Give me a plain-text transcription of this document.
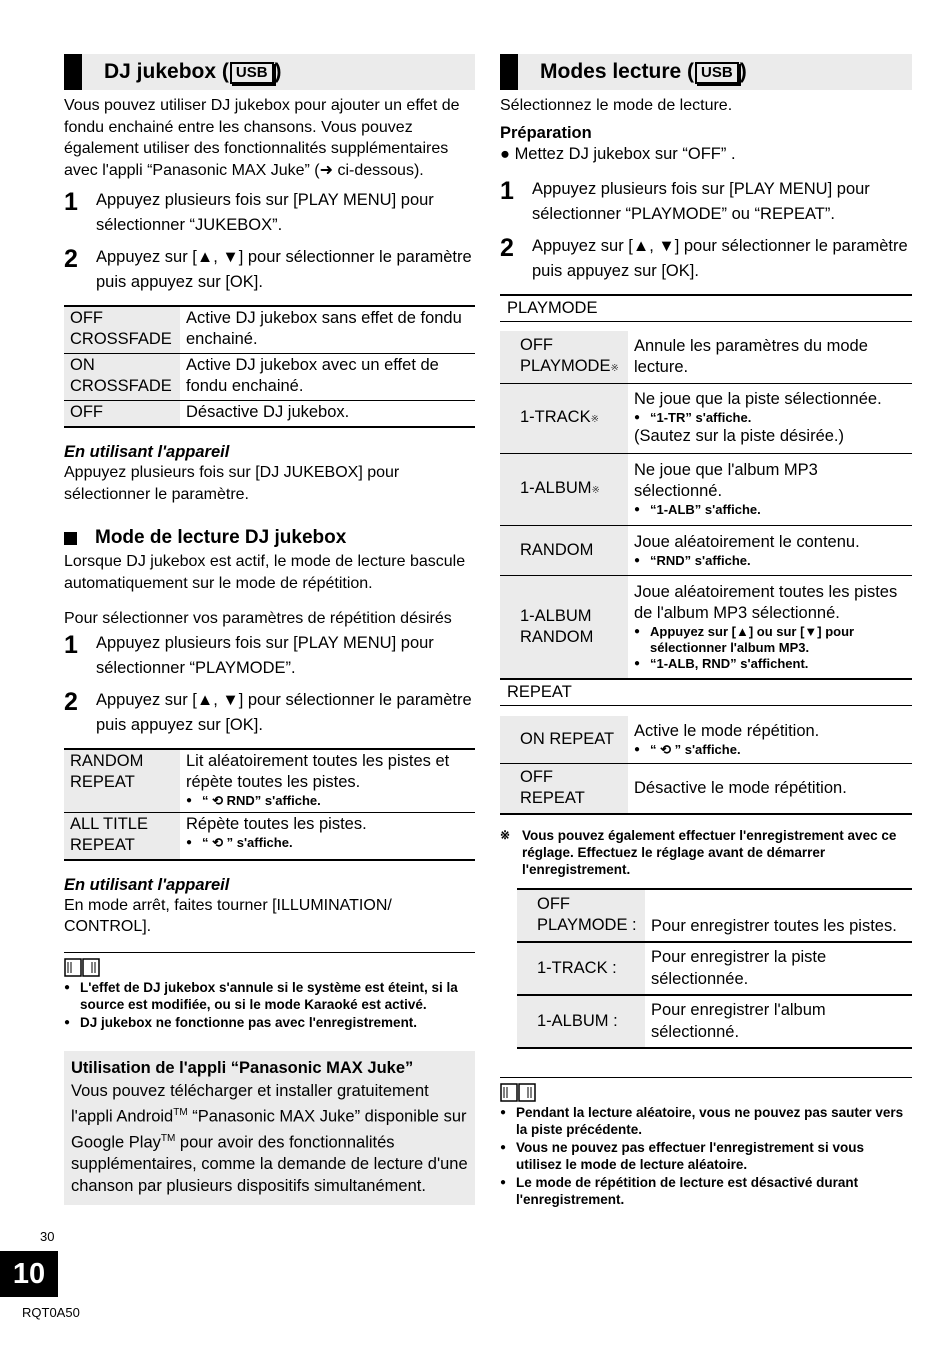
DJ jukebox ( USB )

Vous pouvez utiliser DJ jukebox pour ajouter un effet de fondu enchainé entre les chansons. Vous pouvez également utiliser des fonctionnalités supplémentaires avec l'appli “Panasonic MAX Juke” (➜ ci-dessous).

1	Appuyez plusieurs fois sur [PLAY MENU] pour sélectionner “JUKEBOX”.
2	Appuyez sur [▲, ▼] pour sélectionner le paramètre puis appuyez sur [OK].
OFF CROSSFADE	Active DJ jukebox sans effet de fondu enchainé.
ON CROSSFADE	Active DJ jukebox avec un effet de fondu enchainé.
OFF	Désactive DJ jukebox.
En utilisant l'appareil

Appuyez plusieurs fois sur [DJ JUKEBOX] pour sélectionner le paramètre.

Mode de lecture DJ jukebox

Lorsque DJ jukebox est actif, le mode de lecture bascule automatiquement sur le mode de répétition.

Pour sélectionner vos paramètres de répétition désirés

1	Appuyez plusieurs fois sur [PLAY MENU] pour sélectionner “PLAYMODE”.
2	Appuyez sur [▲, ▼] pour sélectionner le paramètre puis appuyez sur [OK].
RANDOM REPEAT	Lit aléatoirement toutes les pistes et répète toutes les pistes.
● “ ⟲ RND” s'affiche.

ALL TITLE REPEAT	Répète toutes les pistes.
● “ ⟲ ” s'affiche.
En utilisant l'appareil

En mode arrêt, faites tourner [ILLUMINATION/ CONTROL].

● L'effet de DJ jukebox s'annule si le système est éteint, si la source est modifiée, ou si le mode Karaoké est activé.
● DJ jukebox ne fonctionne pas avec l'enregistrement.
Utilisation de l'appli “Panasonic MAX Juke”
Vous pouvez télécharger et installer gratuitement l'appli Android™ “Panasonic MAX Juke” disponible sur Google Play™ pour avoir des fonctionnalités supplémentaires, comme la demande de lecture d'une chanson par plusieurs dispositifs simultanément.
Modes lecture ( USB )

Sélectionnez le mode de lecture.

Préparation

● Mettez DJ jukebox sur “OFF” .

1	Appuyez plusieurs fois sur [PLAY MENU] pour sélectionner “PLAYMODE” ou “REPEAT”.
2	Appuyez sur [▲, ▼] pour sélectionner le paramètre puis appuyez sur [OK].
PLAYMODE	

OFF PLAYMODE※	Annule les paramètres du mode lecture.
1-TRACK※	Ne joue que la piste sélectionnée.
● “1-TR” s'affiche.
(Sautez sur la piste désirée.)

1-ALBUM※	Ne joue que l'album MP3 sélectionné.
● “1-ALB” s'affiche.

RANDOM	Joue aléatoirement le contenu.
● “RND” s'affiche.

1-ALBUM RANDOM	Joue aléatoirement toutes les pistes de l'album MP3 sélectionné.
● Appuyez sur [▲] ou sur [▼] pour sélectionner l'album MP3.
● “1-ALB, RND” s'affichent.

REPEAT	

ON REPEAT	Active le mode répétition.
● “ ⟲ ” s'affiche.

OFF REPEAT	Désactive le mode répétition.
※ Vous pouvez également effectuer l'enregistrement avec ce réglage. Effectuez le réglage avant de démarrer l'enregistrement.
OFF PLAYMODE :	Pour enregistrer toutes les pistes.
1-TRACK :	Pour enregistrer la piste sélectionnée.
1-ALBUM :	Pour enregistrer l'album sélectionné.
● Pendant la lecture aléatoire, vous ne pouvez pas sauter vers la piste précédente.
● Vous ne pouvez pas effectuer l'enregistrement si vous utilisez le mode de lecture aléatoire.
● Le mode de répétition de lecture est désactivé durant l'enregistrement.
30
10
RQT0A50
